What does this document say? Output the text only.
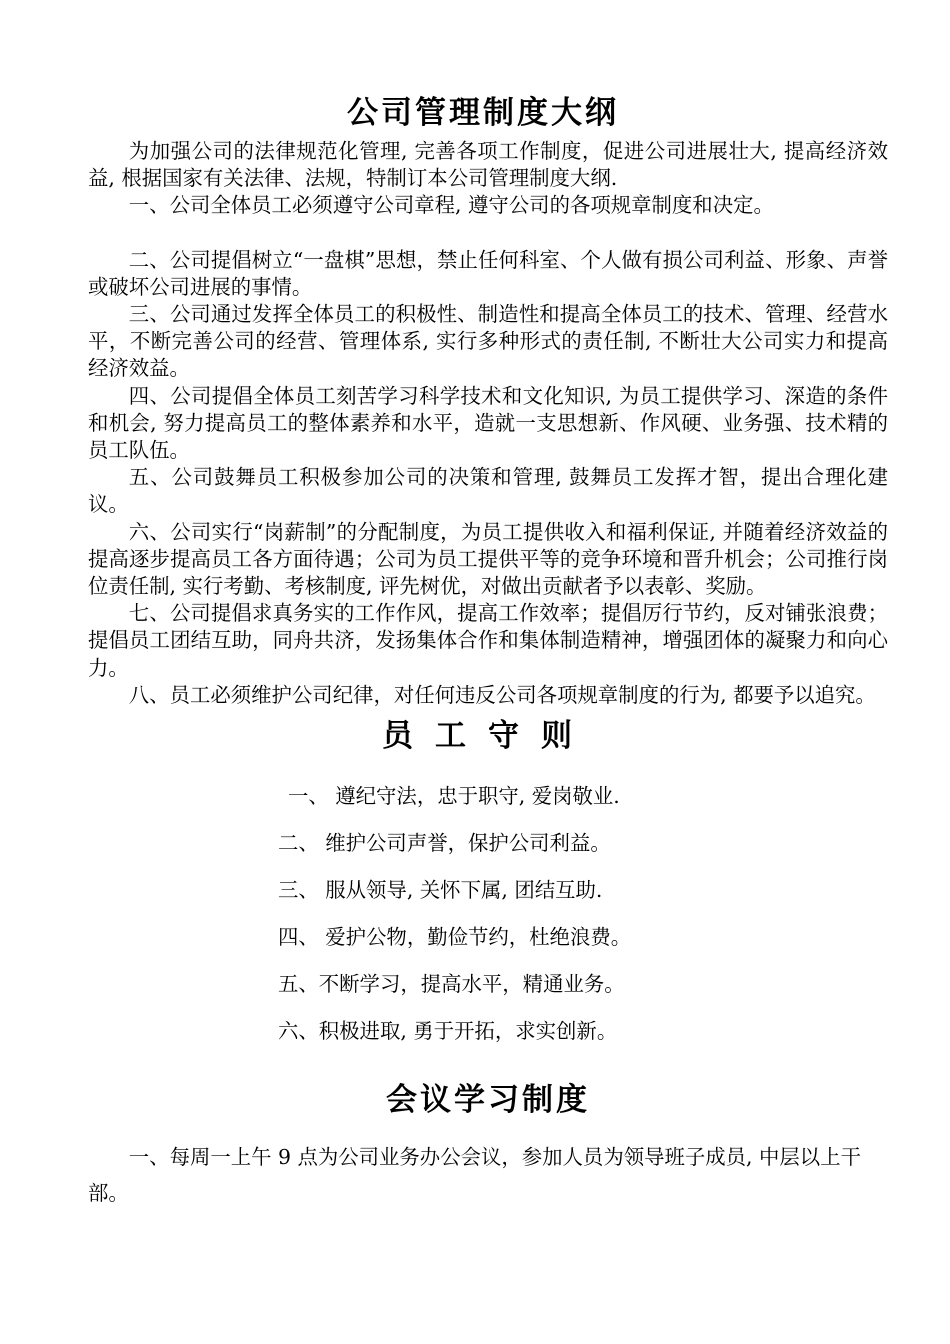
公司管理制度大纲

为加强公司的法律规范化管理, 完善各项工作制度，促进公司进展壮大, 提高经济效益, 根据国家有关法律、法规，特制订本公司管理制度大纲.

一、公司全体员工必须遵守公司章程, 遵守公司的各项规章制度和决定。

二、公司提倡树立“一盘棋”思想，禁止任何科室、个人做有损公司利益、形象、声誉或破坏公司进展的事情。

三、公司通过发挥全体员工的积极性、制造性和提高全体员工的技术、管理、经营水平，不断完善公司的经营、管理体系, 实行多种形式的责任制, 不断壮大公司实力和提高经济效益。

四、公司提倡全体员工刻苦学习科学技术和文化知识, 为员工提供学习、深造的条件和机会, 努力提高员工的整体素养和水平，造就一支思想新、作风硬、业务强、技术精的员工队伍。

五、公司鼓舞员工积极参加公司的决策和管理, 鼓舞员工发挥才智，提出合理化建议。

六、公司实行“岗薪制”的分配制度，为员工提供收入和福利保证, 并随着经济效益的提高逐步提高员工各方面待遇；公司为员工提供平等的竞争环境和晋升机会；公司推行岗位责任制, 实行考勤、考核制度, 评先树优，对做出贡献者予以表彰、奖励。

七、公司提倡求真务实的工作作风，提高工作效率；提倡厉行节约，反对铺张浪费；提倡员工团结互助，同舟共济，发扬集体合作和集体制造精神，增强团体的凝聚力和向心力。

八、员工必须维护公司纪律，对任何违反公司各项规章制度的行为, 都要予以追究。

员工守则
一、 遵纪守法，忠于职守, 爱岗敬业.
二、 维护公司声誉，保护公司利益。
三、 服从领导, 关怀下属, 团结互助.
四、 爱护公物，勤俭节约，杜绝浪费。
五、不断学习，提高水平，精通业务。
六、积极进取, 勇于开拓，求实创新。
会议学习制度

一、每周一上午 9 点为公司业务办公会议，参加人员为领导班子成员, 中层以上干部。
